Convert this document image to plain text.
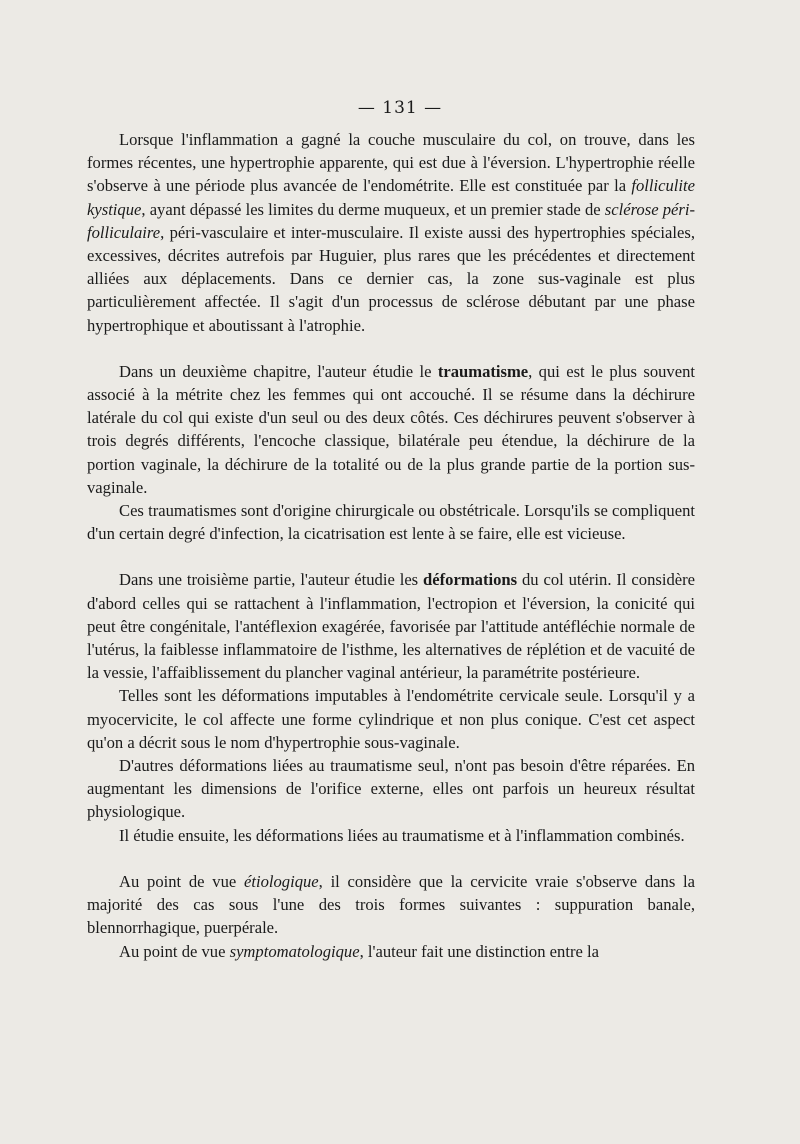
— 131 —

Lorsque l'inflammation a gagné la couche musculaire du col, on trouve, dans les formes récentes, une hypertrophie apparente, qui est due à l'éversion. L'hypertrophie réelle s'observe à une période plus avancée de l'endométrite. Elle est constituée par la folliculite kystique, ayant dépassé les limites du derme muqueux, et un premier stade de sclérose péri-folliculaire, péri-vasculaire et inter-musculaire. Il existe aussi des hypertrophies spéciales, excessives, décrites autrefois par Huguier, plus rares que les précédentes et directement alliées aux déplacements. Dans ce dernier cas, la zone sus-vaginale est plus particulièrement affectée. Il s'agit d'un processus de sclérose débutant par une phase hypertrophique et aboutissant à l'atrophie.

Dans un deuxième chapitre, l'auteur étudie le traumatisme, qui est le plus souvent associé à la métrite chez les femmes qui ont accouché. Il se résume dans la déchirure latérale du col qui existe d'un seul ou des deux côtés. Ces déchirures peuvent s'observer à trois degrés différents, l'encoche classique, bilatérale peu étendue, la déchirure de la portion vaginale, la déchirure de la totalité ou de la plus grande partie de la portion sus-vaginale.

Ces traumatismes sont d'origine chirurgicale ou obstétricale. Lorsqu'ils se compliquent d'un certain degré d'infection, la cicatrisation est lente à se faire, elle est vicieuse.

Dans une troisième partie, l'auteur étudie les déformations du col utérin. Il considère d'abord celles qui se rattachent à l'inflammation, l'ectropion et l'éversion, la conicité qui peut être congénitale, l'antéflexion exagérée, favorisée par l'attitude antéfléchie normale de l'utérus, la faiblesse inflammatoire de l'isthme, les alternatives de réplétion et de vacuité de la vessie, l'affaiblissement du plancher vaginal antérieur, la paramétrite postérieure.

Telles sont les déformations imputables à l'endométrite cervicale seule. Lorsqu'il y a myocervicite, le col affecte une forme cylindrique et non plus conique. C'est cet aspect qu'on a décrit sous le nom d'hypertrophie sous-vaginale.

D'autres déformations liées au traumatisme seul, n'ont pas besoin d'être réparées. En augmentant les dimensions de l'orifice externe, elles ont parfois un heureux résultat physiologique.

Il étudie ensuite, les déformations liées au traumatisme et à l'inflammation combinés.

Au point de vue étiologique, il considère que la cervicite vraie s'observe dans la majorité des cas sous l'une des trois formes suivantes : suppuration banale, blennorrhagique, puerpérale.

Au point de vue symptomatologique, l'auteur fait une distinction entre la
